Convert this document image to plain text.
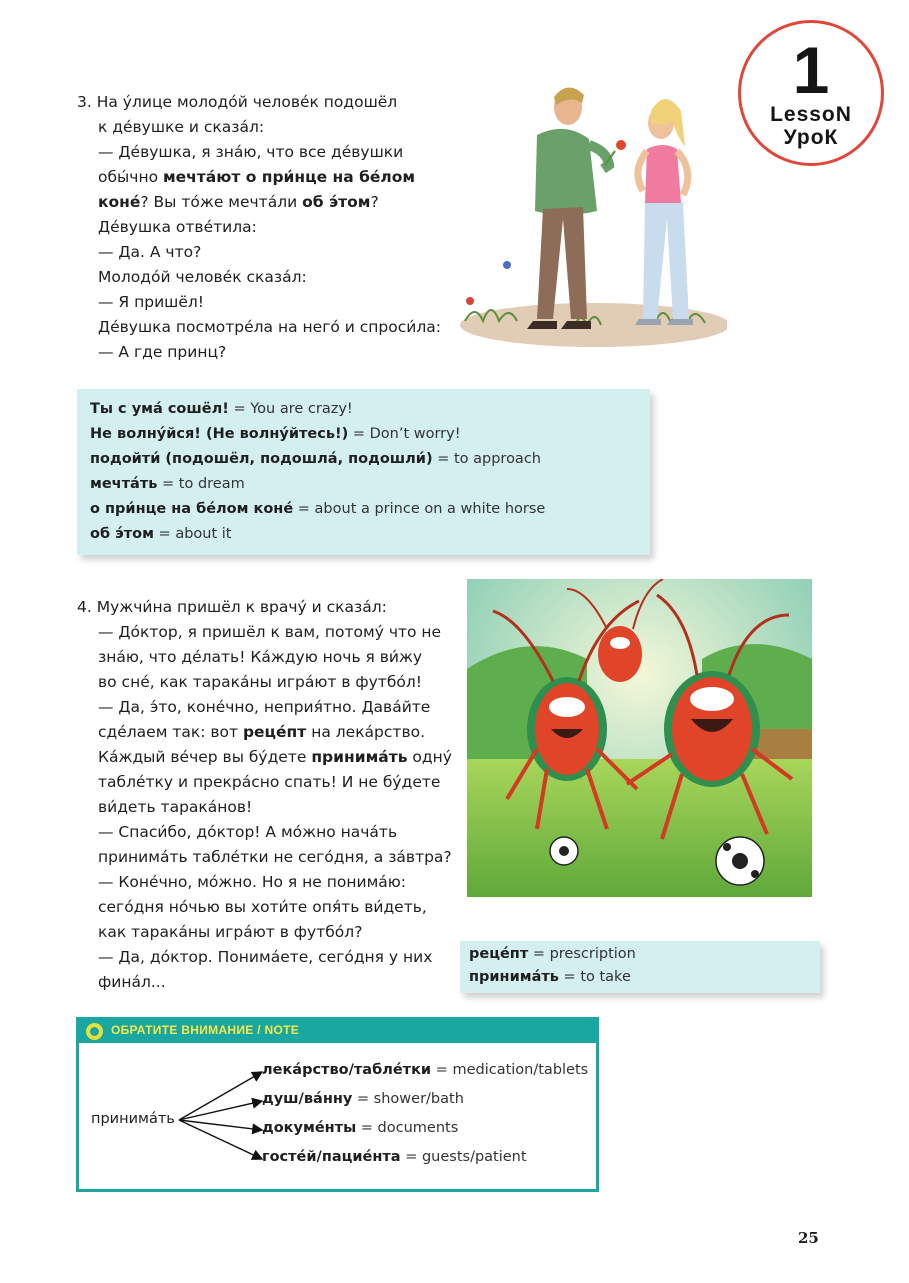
1
LessoN
УроК
3. На у́лице молодо́й челове́к подошёл
к де́вушке и сказа́л:
— Де́вушка, я зна́ю, что все де́вушки
обы́чно мечта́ют о при́нце на бе́лом
коне́? Вы то́же мечта́ли об э́том?
Де́вушка отве́тила:
— Да. А что?
Молодо́й челове́к сказа́л:
— Я пришёл!
Де́вушка посмотре́ла на него́ и спроси́ла:
— А где принц?
Ты с ума́ сошёл! = You are crazy!
Не волну́йся! (Не волну́йтесь!) = Don’t worry!
подойти́ (подошёл, подошла́, подошли́) = to approach
мечта́ть = to dream
о при́нце на бе́лом коне́ = about a prince on a white horse
об э́том = about it
4. Мужчи́на пришёл к врачу́ и сказа́л:
— До́ктор, я пришёл к вам, потому́ что не
зна́ю, что де́лать! Ка́ждую ночь я ви́жу
во сне́, как тарака́ны игра́ют в футбо́л!
— Да, э́то, коне́чно, неприя́тно. Дава́йте
сде́лаем так: вот реце́пт на лека́рство.
Ка́ждый ве́чер вы бу́дете принима́ть одну́
табле́тку и прекра́сно спать! И не бу́дете
ви́деть тарака́нов!
— Спаси́бо, до́ктор! А мо́жно нача́ть
принима́ть табле́тки не сего́дня, а за́втра?
— Коне́чно, мо́жно. Но я не понима́ю:
сего́дня но́чью вы хоти́те опя́ть ви́деть,
как тарака́ны игра́ют в футбо́л?
— Да, до́ктор. Понима́ете, сего́дня у них
фина́л...
реце́пт = prescription
принима́ть = to take
ОБРАТИТЕ ВНИМАНИЕ / NOTE
принима́ть
лека́рство/табле́тки = medication/tablets
душ/ва́нну = shower/bath
докуме́нты = documents
госте́й/пацие́нта = guests/patient
25
